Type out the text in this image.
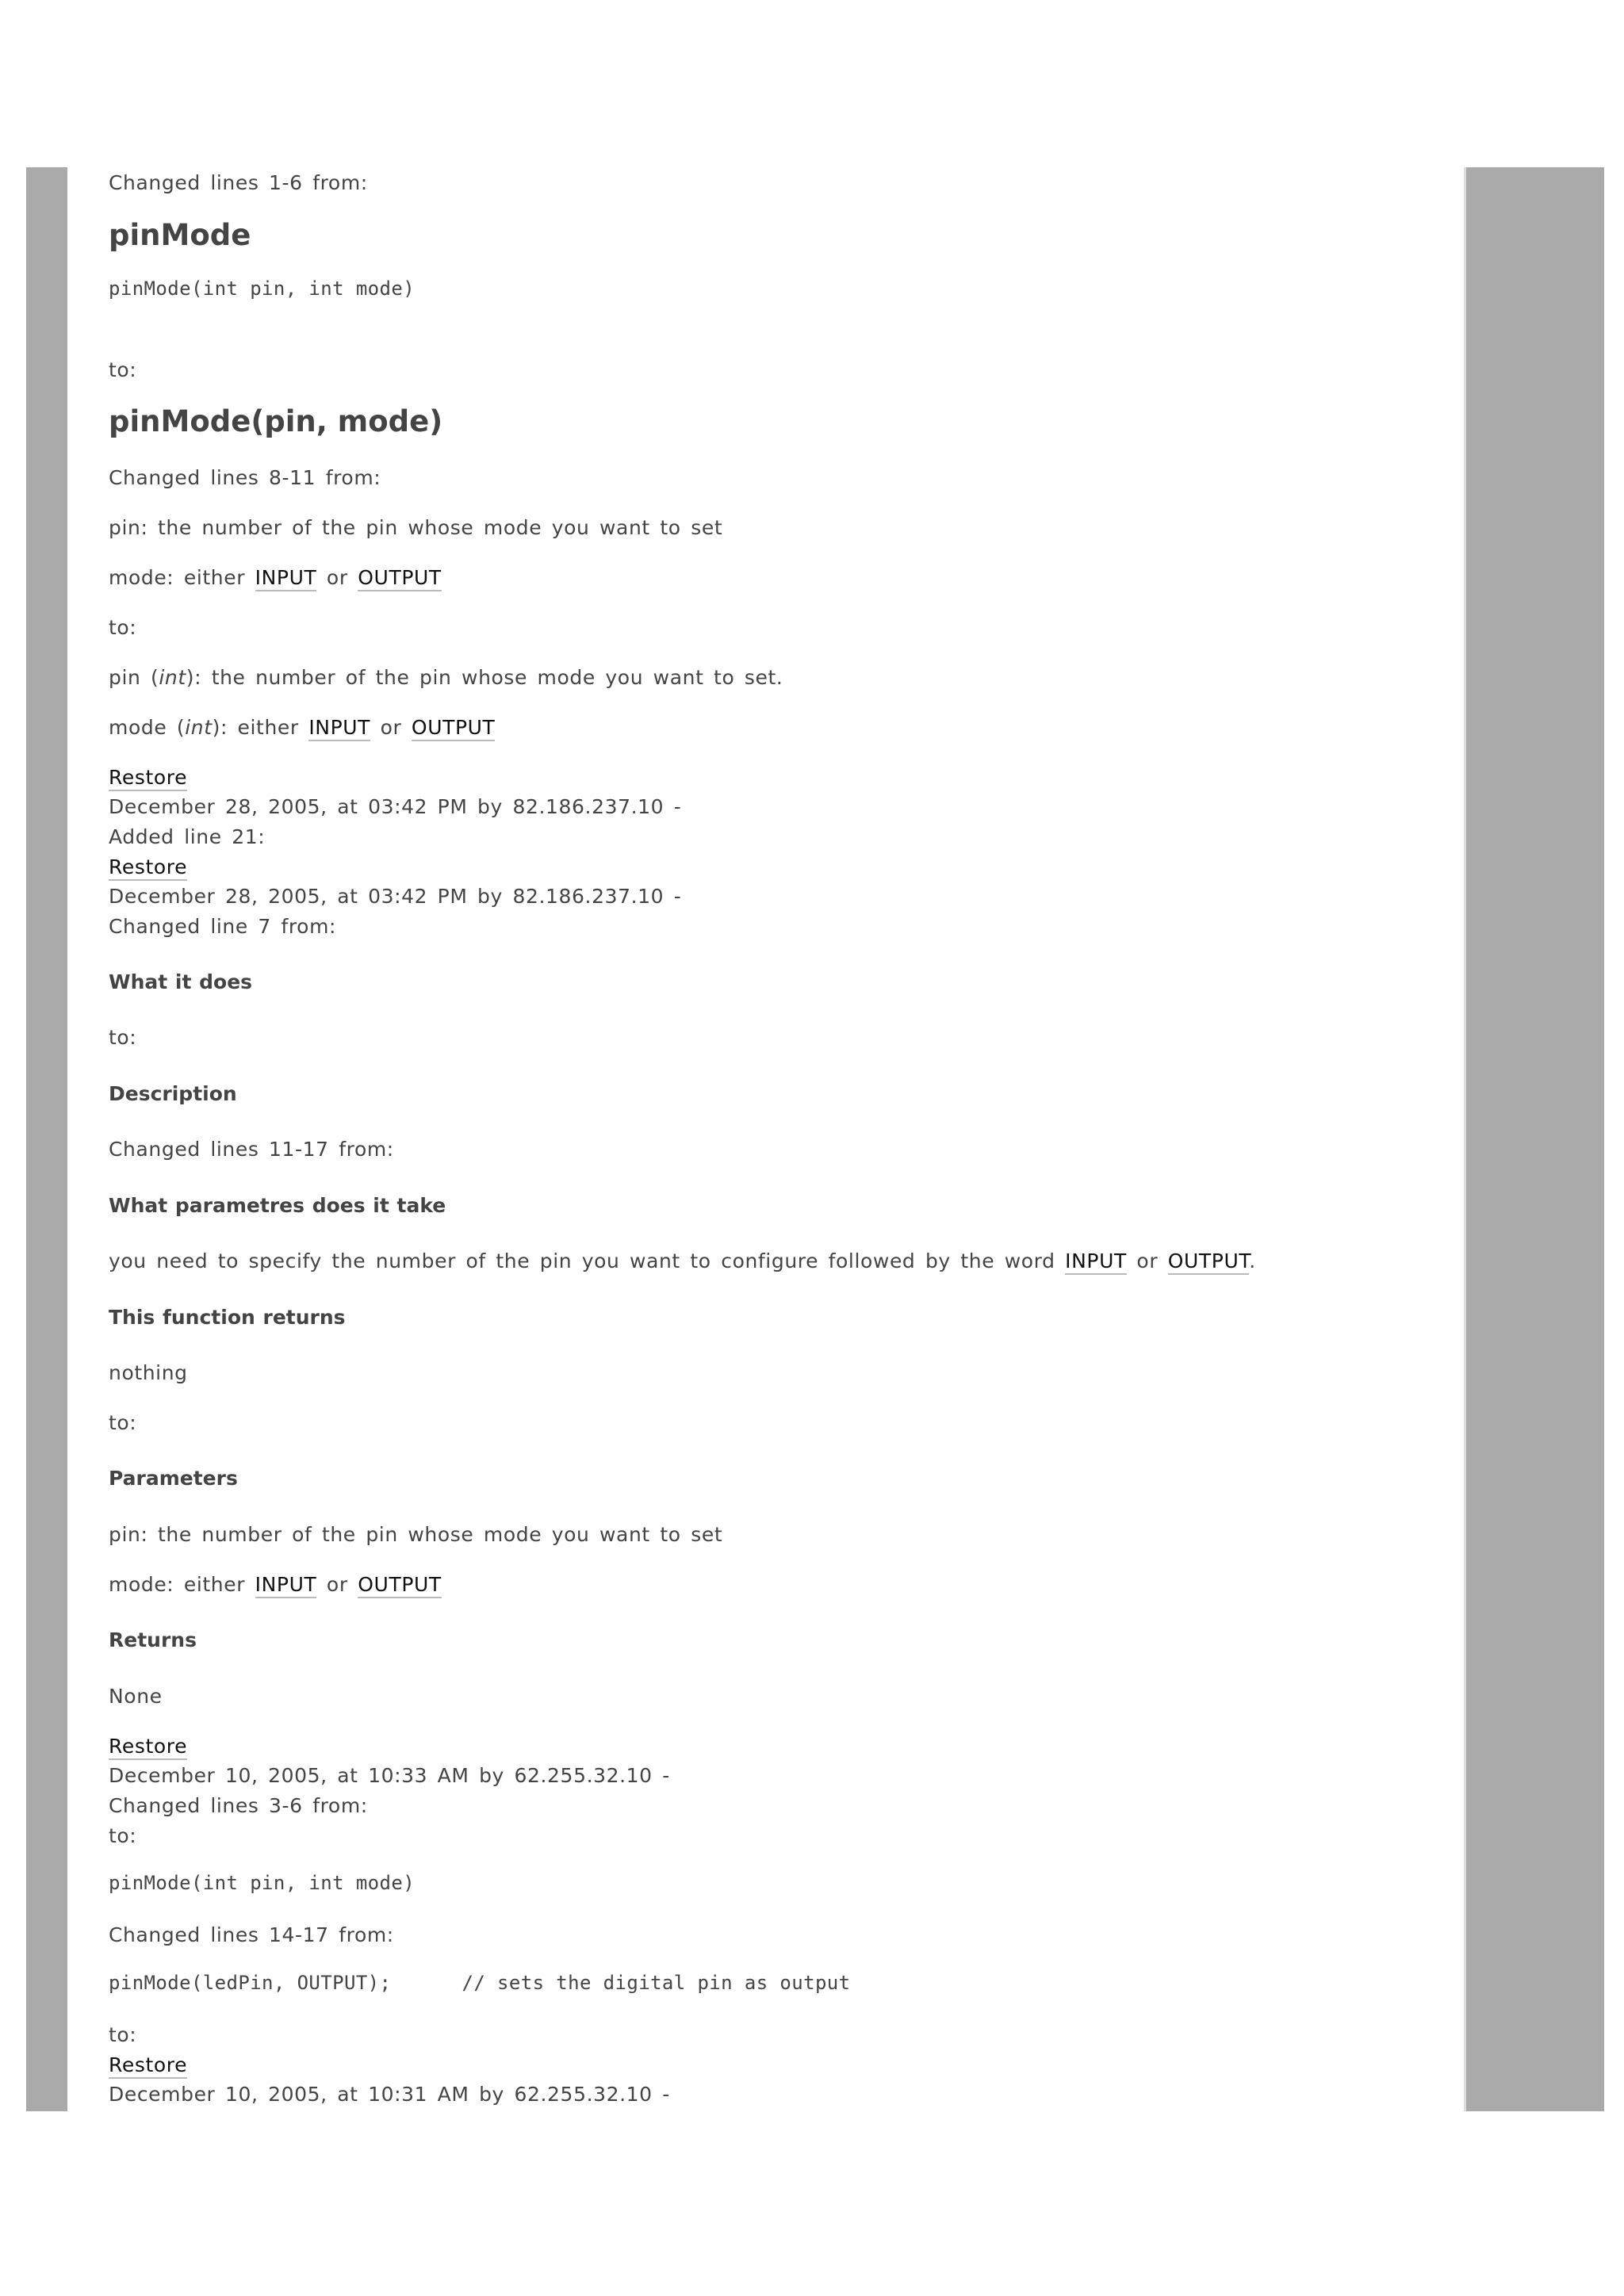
Changed lines 1-6 from:
pinMode
pinMode(int pin, int mode)
to:
pinMode(pin, mode)
Changed lines 8-11 from:
pin: the number of the pin whose mode you want to set
mode: either INPUT or OUTPUT
to:
pin (int): the number of the pin whose mode you want to set.
mode (int): either INPUT or OUTPUT
Restore
December 28, 2005, at 03:42 PM by 82.186.237.10 -
Added line 21:
Restore
December 28, 2005, at 03:42 PM by 82.186.237.10 -
Changed line 7 from:
What it does
to:
Description
Changed lines 11-17 from:
What parametres does it take
you need to specify the number of the pin you want to configure followed by the word INPUT or OUTPUT.
This function returns
nothing
to:
Parameters
pin: the number of the pin whose mode you want to set
mode: either INPUT or OUTPUT
Returns
None
Restore
December 10, 2005, at 10:33 AM by 62.255.32.10 -
Changed lines 3-6 from:
to:
pinMode(int pin, int mode)
Changed lines 14-17 from:
pinMode(ledPin, OUTPUT);      // sets the digital pin as output
to:
Restore
December 10, 2005, at 10:31 AM by 62.255.32.10 -
